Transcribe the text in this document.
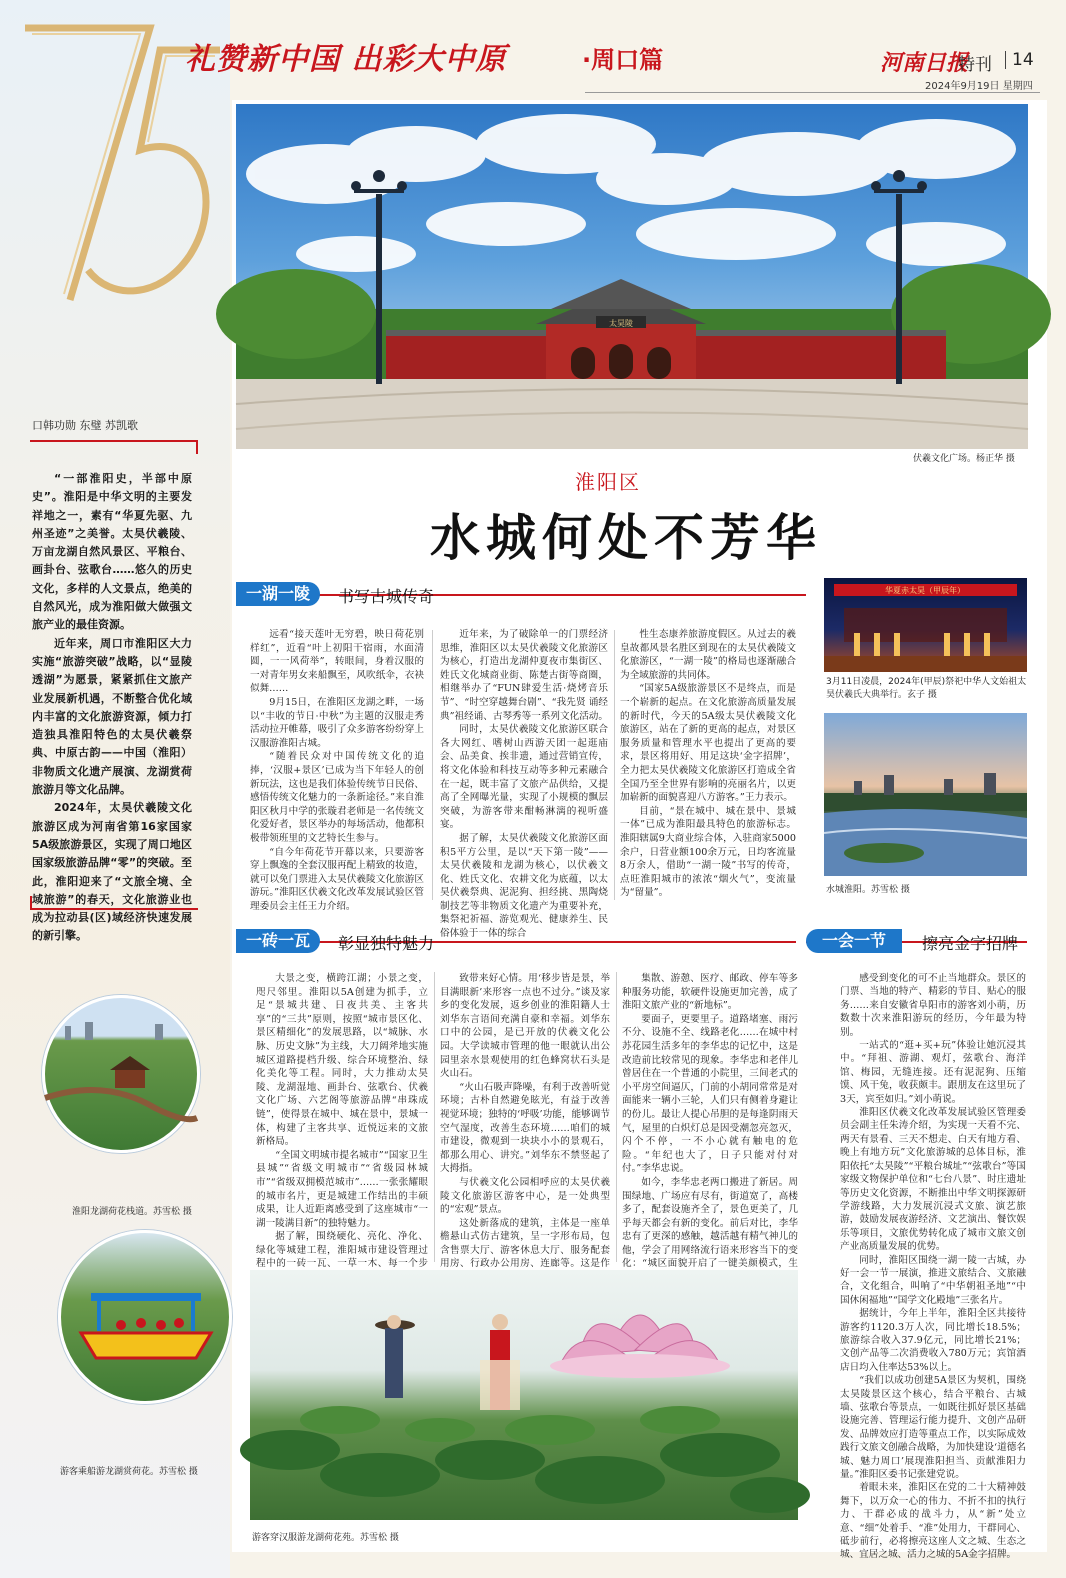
礼赞新中国 出彩大中原	·周口篇	河南日报
特刊 14
2024年9月19日 星期四
太昊陵
伏羲文化广场。杨正华 摄
口韩功勋 东璧 苏凯歌

“一部淮阳史，半部中原史”。淮阳是中华文明的主要发祥地之一，素有“华夏先驱、九州圣迹”之美誉。太昊伏羲陵、万亩龙湖自然风景区、平粮台、画卦台、弦歌台……悠久的历史文化，多样的人文景点，绝美的自然风光，成为淮阳做大做强文旅产业的最佳资源。

近年来，周口市淮阳区大力实施“旅游突破”战略，以“显陵透湖”为愿景，紧紧抓住文旅产业发展新机遇，不断整合优化域内丰富的文化旅游资源，倾力打造独具淮阳特色的太昊伏羲祭典、中原古韵——中国（淮阳）非物质文化遗产展演、龙湖赏荷旅游月等文化品牌。

2024年，太昊伏羲陵文化旅游区成为河南省第16家国家5A级旅游景区，实现了周口地区国家级旅游品牌“零”的突破。至此，淮阳迎来了“文旅全境、全域旅游”的春天，文化旅游业也成为拉动县(区)域经济快速发展的新引擎。

淮阳区
水城何处不芳华
一湖一陵	书写古城传奇

远看“接天莲叶无穷碧，映日荷花别样红”，近看“叶上初阳干宿雨，水面清圆，一一风荷举”，转眼间，身着汉服的一对青年男女来船飘至，风吹纸伞，衣袂似舞……

9月15日，在淮阳区龙湖之畔，一场以“丰收的节日·中秋”为主题的汉服走秀活动拉开帷幕，吸引了众多游客纷纷穿上汉服游淮阳古城。

“随着民众对中国传统文化的追捧，‘汉服+景区’已成为当下年轻人的创新玩法，这也是我们体验传统节日民俗、感悟传统文化魅力的一条新途径。”来自淮阳区秋月中学的张璇君老师是一名传统文化爱好者，景区举办的每场活动，他都积极带领班里的文艺特长生参与。

“自今年荷花节开幕以来，只要游客穿上飘逸的全套汉服再配上精致的妆造，就可以免门票进入太昊伏羲陵文化旅游区游玩。”淮阳区伏羲文化改革发展试验区管理委员会主任王力介绍。

近年来，为了破除单一的门票经济思维，淮阳区以太昊伏羲陵文化旅游区为核心，打造出龙湖仲夏夜市集街区、姓氏文化城商业街、陈楚古街等商圈，相继举办了“FUN肆爱生活·烧烤音乐节”、“时空穿越舞台剧”、“我先贤 诵经典”祖经诵、古琴秀等一系列文化活动。

同时，太昊伏羲陵文化旅游区联合各大网红、嗜树山西游天团一起逛庙会、品美食、挨非遗，通过营销宣传，将文化体验和科技互动等多种元素融合在一起，既丰富了文旅产品供给，又提高了全网曝光量，实现了小规模的飘层突破，为游客带来酣畅淋漓的视听盛宴。

据了解，太昊伏羲陵文化旅游区面积5平方公里，是以“天下第一陵”——太昊伏羲陵和龙湖为核心，以伏羲文化、姓氏文化、农耕文化为底蕴，以太昊伏羲祭典、泥泥狗、担经挑、黑陶烧制技艺等非物质文化遗产为重要补充，集祭祀祈福、游览观光、健康养生、民俗体验于一体的综合

性生态康养旅游度假区。从过去的羲皇故都风景名胜区到现在的太昊伏羲陵文化旅游区，“一湖一陵”的格局也逐渐融合为全域旅游的共同体。

“国家5A级旅游景区不是终点，而是一个崭新的起点。在文化旅游高质量发展的新时代，今天的5A级太昊伏羲陵文化旅游区，站在了新的更高的起点，对景区服务质量和管理水平也提出了更高的要求，景区将用好、用足这块‘金字招牌’，全力把太昊伏羲陵文化旅游区打造成全省全国乃至全世界有影响的亮丽名片，以更加崭新的面貌喜迎八方游客。”王力表示。

目前，“景在城中、城在景中、景城一体”已成为淮阳最具特色的旅游标志。淮阳辖属9大商业综合体，入驻商家5000余户，日营业额100余万元，日均客流量8万余人，借助“一湖一陵”书写的传奇，点旺淮阳城市的浓浓“烟火气”，变流量为“留量”。

华夏赤太昊（甲辰年）
3月11日凌晨，2024年(甲辰)祭祀中华人文始祖太昊伏羲氏大典举行。玄子 摄
水城淮阳。苏雪松 摄
一砖一瓦	彰显独特魅力

大景之变，横跨江湖；小景之变，咫尺邻里。淮阳以5A创建为抓手，立足“景城共建、日夜共美、主客共享”的“三共”原则，按照“城市景区化、景区精细化”的发展思路，以“城脉、水脉、历史文脉”为主线，大刀阔斧地实施城区道路提档升级、综合环境整治、绿化美化等工程。同时，大力推动太昊陵、龙湖湿地、画卦台、弦歌台、伏羲文化广场、六艺阁等旅游品牌“串珠成链”，使得景在城中、城在景中，景城一体，构建了主客共享、近悦远来的文旅新格局。

“全国文明城市提名城市”“国家卫生县城”“省级文明城市”“省级园林城市”“省级双拥模范城市”……一张张耀眼的城市名片，更是城建工作结出的丰硕成果，让人近距离感受到了这座城市“一湖一陵满目新”的独特魅力。

据了解，围绕硬化、亮化、净化、绿化等城建工程，淮阳城市建设管理过程中的一砖一瓦、一草一木、每一个步

致带来好心情。用‘移步皆是景，举目满眼新’来形容一点也不过分。”谈及家乡的变化发展，返乡创业的淮阳籍人士刘华东言语间充满自豪和幸福。刘华东口中的公园，是已开放的伏羲文化公园。大学读城市管理的他一眼就认出公园里亲水景观使用的红色蜂窝状石头是火山石。

“火山石吸声降噪，有利于改善听觉环境；古朴自然避免眩光，有益于改善视觉环境；独特的‘呼吸’功能，能够调节空气湿度，改善生态环境……咱们的城市建设，微观到一块块小小的景观石，都那么用心、讲究。”刘华东不禁竖起了大拇指。

与伏羲文化公园相呼应的太昊伏羲陵文化旅游区游客中心，是一处典型的“宏观”景点。

这处新落成的建筑，主体是一座单檐悬山式仿古建筑，呈一字形布局，包含售票大厅、游客休息大厅、服务配套用房、行政办公用房、连廊等。这是作

集散、游憩、医疗、邮政、停车等多种服务功能，软硬件设施更加完善，成了淮阳文旅产业的“新地标”。

要面子，更要里子。道路堵塞、雨污不分、设施不全、线路老化……在城中村苏花园生活多年的李华忠的记忆中，这是改造前比较常见的现象。李华忠和老伴儿曾居住在一个普通的小院里，三间老式的小平房空间逼仄，门前的小胡同常常是对面能来一辆小三轮，人们只有侧着身避让的份儿。最让人提心吊胆的是每逢阴雨天气，屋里的白炽灯总是因受潮忽亮忽灭，闪个不停，一不小心就有触电的危险。“年纪也大了，日子只能对付对付。”李华忠说。

如今，李华忠老两口搬进了新居。周围绿地、广场应有尽有，街道宽了，高楼多了，配套设施齐全了，景色更美了，几乎每天都会有新的变化。前后对比，李华忠有了更深的感触，越活越有精气神儿的他，学会了用网络流行语来形容当下的变化：“城区面貌开启了一键美颜模式，生

游客穿汉服游龙湖荷花苑。苏雪松 摄
一会一节	擦亮金字招牌

感受到变化的可不止当地群众。景区的门票、当地的特产、精彩的节目、贴心的服务……来自安徽省阜阳市的游客刘小萌，历数数十次来淮阳游玩的经历，今年最为特别。

一站式的“逛+买+玩”体验让她沉浸其中。“拜祖、游湖、观灯，弦歌台、海洋馆、梅园，无缝连接。还有泥泥狗、压缩馍、风干兔，收获颇丰。跟朋友在这里玩了3天，宾至如归。”刘小萌说。

淮阳区伏羲文化改革发展试验区管理委员会副主任朱涛介绍，为实现一天看不完、两天有景看、三天不想走、白天有地方看、晚上有地方玩”文化旅游城的总体目标，淮阳依托“太昊陵”“平粮台城址”“弦歌台”等国家级文物保护单位和“七台八景”、时庄遗址等历史文化资源，不断推出中华文明探源研学游线路，大力发展沉浸式文旅、演艺旅游，鼓励发展夜游经济、文艺演出、餐饮娱乐等项目，文旅优势转化成了城市文旅文创产业高质量发展的优势。

同时，淮阳区围绕一湖一陵一古城，办好一会一节一展演，推进文旅结合、文旅融合，文化组合，叫响了“中华朝祖圣地”“中国休闲福地”“国学文化殿地”三张名片。

据统计，今年上半年，淮阳全区共接待游客约1120.3万人次，同比增长18.5%；旅游综合收入37.9亿元，同比增长21%；文创产品等二次消费收入780万元；宾馆酒店日均入住率达53%以上。

“我们以成功创建5A景区为契机，围绕太昊陵景区这个核心，结合平粮台、古城墙、弦歌台等景点，一如既往抓好景区基础设施完善、管理运行能力提升、文创产品研发、品牌效应打造等重点工作，以实际成效践行文旅文创融合战略，为加快建设‘道德名城、魅力周口’展现淮阳担当、贡献淮阳力量。”淮阳区委书记张建党说。

着眼未来，淮阳区在党的二十大精神鼓舞下，以万众一心的伟力、不折不扣的执行力、干群必成的战斗力，从“新”处立意、“细”处着手、“准”处用力，干群同心、砥步前行，必将擦亮这座人文之城、生态之城、宜居之城、活力之城的5A金字招牌。

淮阳龙湖荷花栈道。苏雪松 摄
游客乘船游龙湖赏荷花。苏雪松 摄
